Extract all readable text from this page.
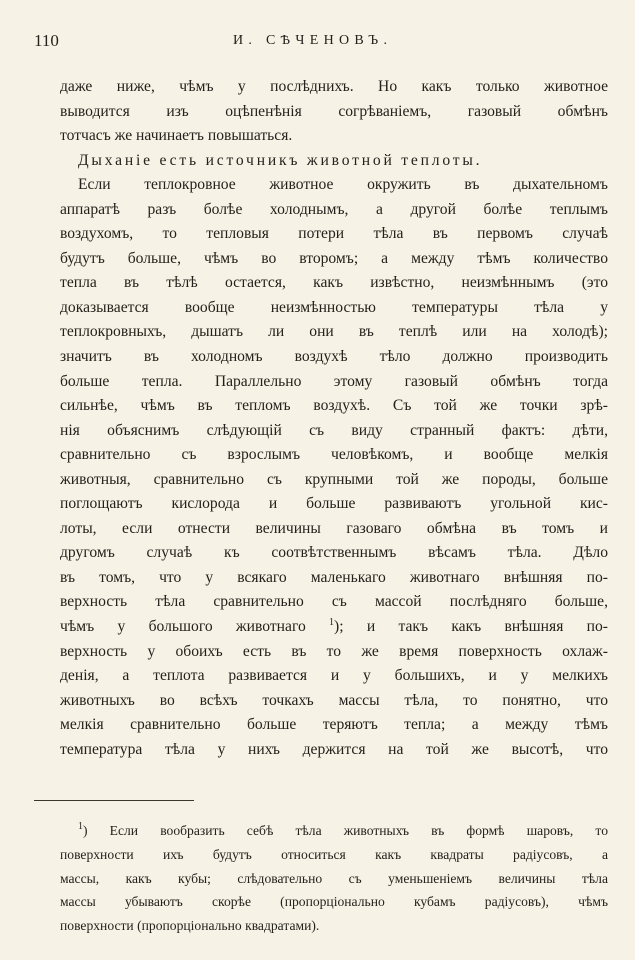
110	И. СѢЧЕНОВЪ.
даже ниже, чѣмъ у послѣднихъ. Но какъ только животное
выводится изъ оцѣпенѣнія согрѣваніемъ, газовый обмѣнъ
тотчасъ же начинаетъ повышаться.
Дыханіе есть источникъ животной теплоты.
Если теплокровное животное окружить въ дыхательномъ
аппаратѣ разъ болѣе холоднымъ, а другой болѣе теплымъ
воздухомъ, то тепловыя потери тѣла въ первомъ случаѣ
будутъ больше, чѣмъ во второмъ; а между тѣмъ количество
тепла въ тѣлѣ остается, какъ извѣстно, неизмѣннымъ (это
доказывается вообще неизмѣнностью температуры тѣла у
теплокровныхъ, дышатъ ли они въ теплѣ или на холодѣ);
значитъ въ холодномъ воздухѣ тѣло должно производить
больше тепла. Параллельно этому газовый обмѣнъ тогда
сильнѣе, чѣмъ въ тепломъ воздухѣ. Съ той же точки зрѣ-
нія объяснимъ слѣдующій съ виду странный фактъ: дѣти,
сравнительно съ взрослымъ человѣкомъ, и вообще мелкія
животныя, сравнительно съ крупными той же породы, больше
поглощаютъ кислорода и больше развиваютъ угольной кис-
лоты, если отнести величины газоваго обмѣна въ томъ и
другомъ случаѣ къ соотвѣтственнымъ вѣсамъ тѣла. Дѣло
въ томъ, что у всякаго маленькаго животнаго внѣшняя по-
верхность тѣла сравнительно съ массой послѣдняго больше,
чѣмъ у большого животнаго $^1$); и такъ какъ внѣшняя по-
верхность у обоихъ есть въ то же время поверхность охлаж-
денія, а теплота развивается и у большихъ, и у мелкихъ
животныхъ во всѣхъ точкахъ массы тѣла, то понятно, что
мелкія сравнительно больше теряютъ тепла; а между тѣмъ
температура тѣла у нихъ держится на той же высотѣ, что
$^1$) Если вообразить себѣ тѣла животныхъ въ формѣ шаровъ, то
поверхности ихъ будутъ относиться какъ квадраты радіусовъ, а
массы, какъ кубы; слѣдовательно съ уменьшеніемъ величины тѣла
массы убываютъ скорѣе (пропорціонально кубамъ радіусовъ), чѣмъ
поверхности (пропорціонально квадратами).
